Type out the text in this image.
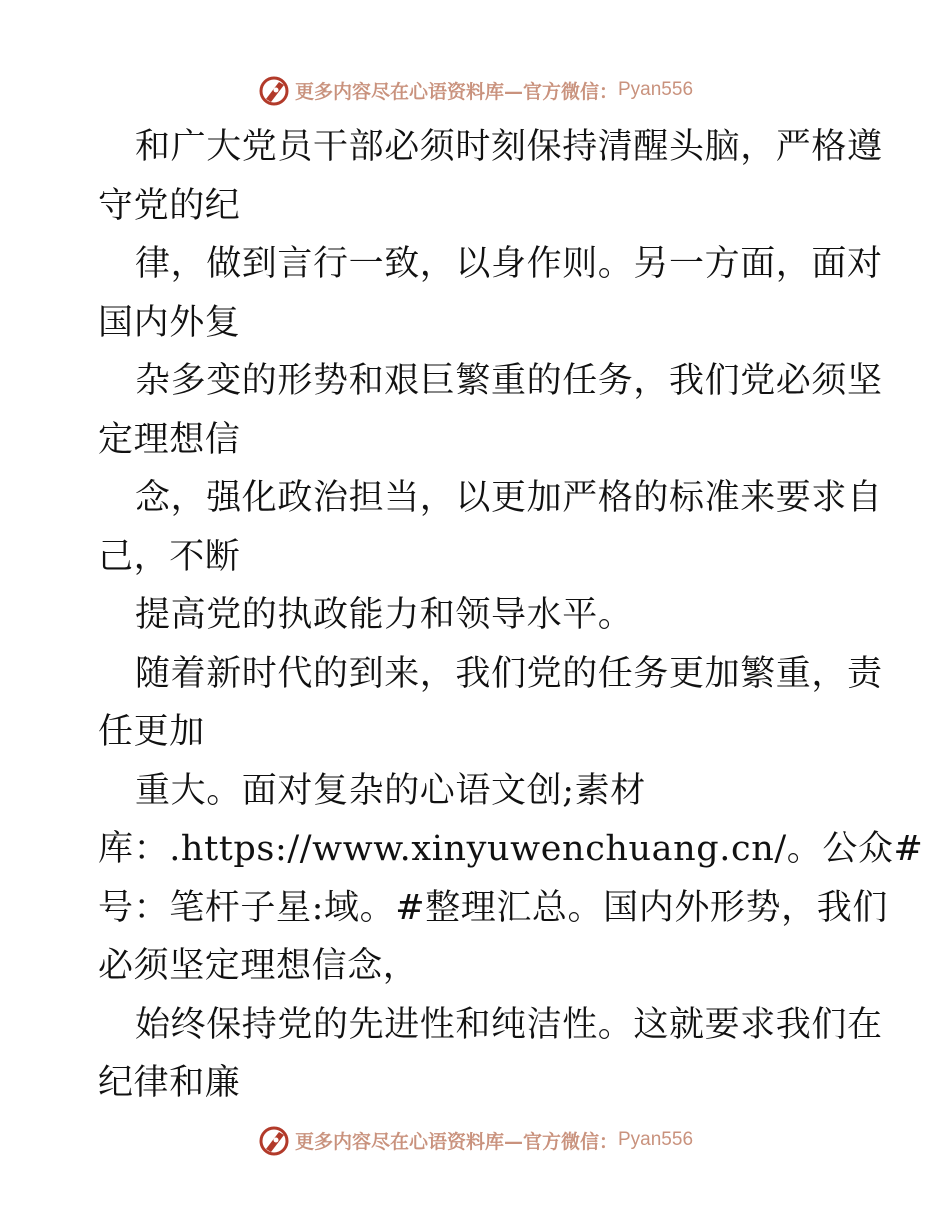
更多内容尽在心语资料库—官方微信： Pyan556
和广大党员干部必须时刻保持清醒头脑，严格遵
守党的纪
律，做到言行一致，以身作则。另一方面，面对
国内外复
杂多变的形势和艰巨繁重的任务，我们党必须坚
定理想信
念，强化政治担当，以更加严格的标准来要求自
己，不断
提高党的执政能力和领导水平。
随着新时代的到来，我们党的任务更加繁重，责
任更加
重大。面对复杂的心语文创;素材
库：.https://www.xinyuwenchuang.cn/。公众#
号：笔杆子星:域。#整理汇总。国内外形势，我们
必须坚定理想信念，
始终保持党的先进性和纯洁性。这就要求我们在
纪律和廉
更多内容尽在心语资料库—官方微信： Pyan556
